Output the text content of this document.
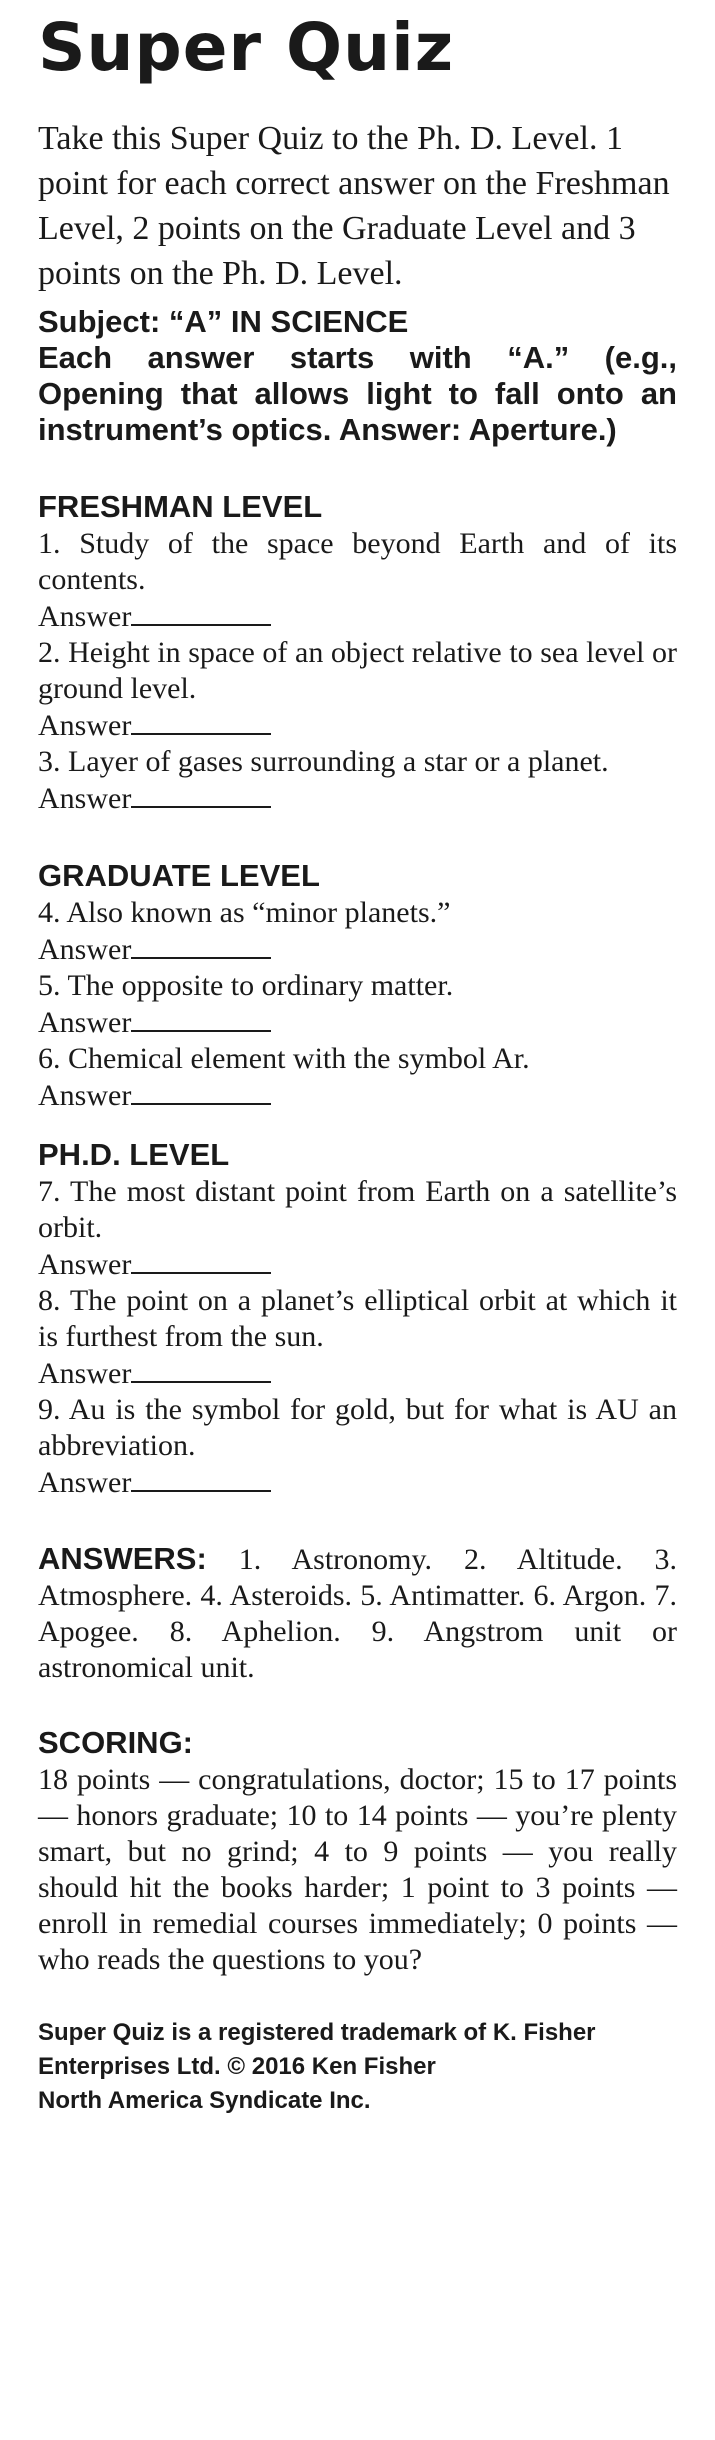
Super Quiz

Take this Super Quiz to the Ph. D. Level. 1 point for each correct answer on the Freshman Level, 2 points on the Graduate Level and 3 points on the Ph. D. Level.

Subject: “A” IN SCIENCE

Each answer starts with “A.” (e.g., Opening that allows light to fall onto an instrument’s optics. Answer: Aperture.)

FRESHMAN LEVEL

1. Study of the space beyond Earth and of its contents.

Answer

2. Height in space of an object relative to sea level or ground level.

Answer

3. Layer of gases surrounding a star or a planet.

Answer

GRADUATE LEVEL

4. Also known as “minor planets.”

Answer

5. The opposite to ordinary matter.

Answer

6. Chemical element with the symbol Ar.

Answer

PH.D. LEVEL

7. The most distant point from Earth on a satellite’s orbit.

Answer

8. The point on a planet’s elliptical orbit at which it is furthest from the sun.

Answer

9. Au is the symbol for gold, but for what is AU an abbreviation.

Answer

ANSWERS: 1. Astronomy. 2. Altitude. 3. Atmosphere. 4. Asteroids. 5. Antimatter. 6. Argon. 7. Apogee. 8. Aphelion. 9. Angstrom unit or astronomical unit.

SCORING:

18 points — congratulations, doctor; 15 to 17 points — honors graduate; 10 to 14 points — you’re plenty smart, but no grind; 4 to 9 points — you really should hit the books harder; 1 point to 3 points — enroll in remedial courses immediately; 0 points — who reads the questions to you?

Super Quiz is a registered trademark of K. Fisher Enterprises Ltd. © 2016 Ken Fisher

North America Syndicate Inc.
